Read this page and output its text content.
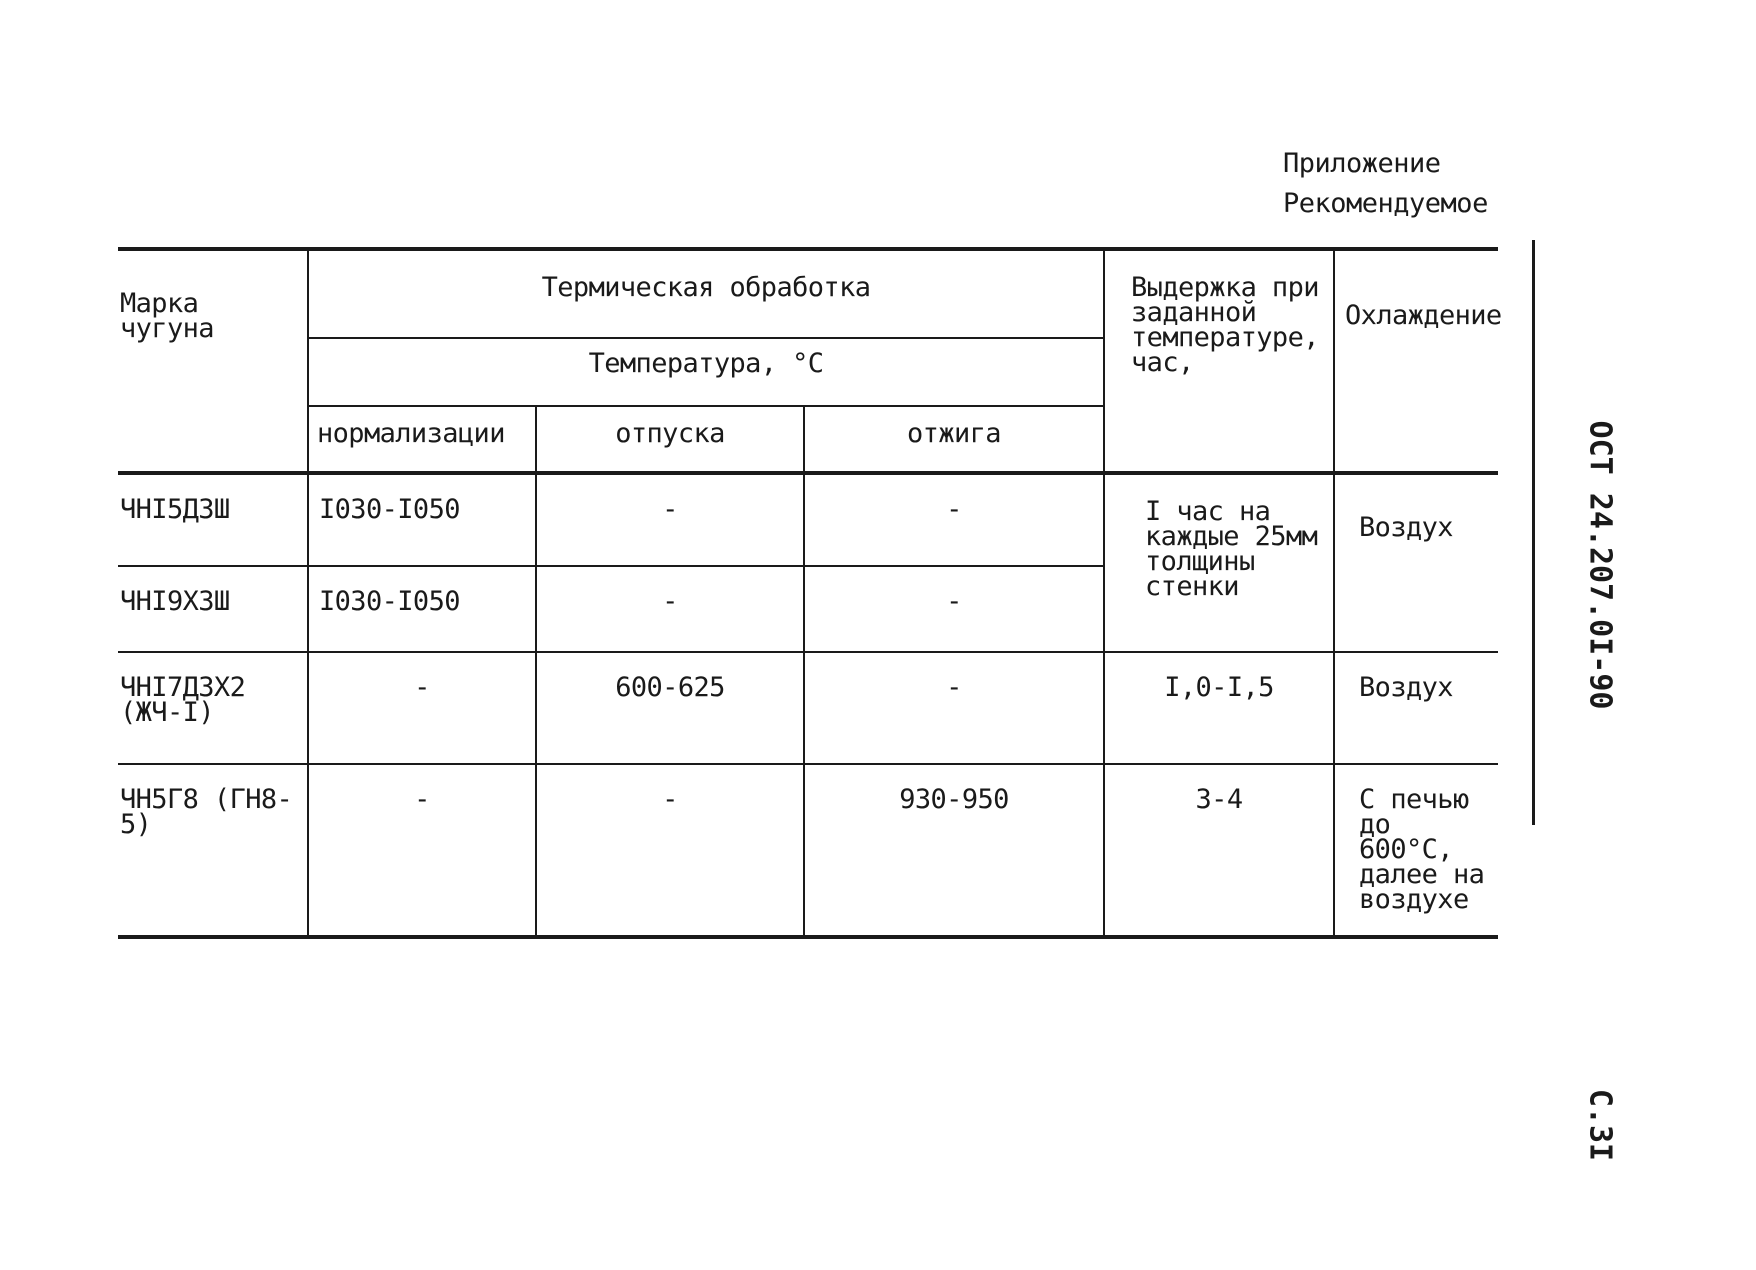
Приложение
Рекомендуемое
Марка чугуна	Термическая обработка			Выдержка при заданной температуре, час,	Охлаждение
	Температура, °C				
	нормализации	отпуска	отжига		
ЧНI5Д3Ш	I030-I050	-	-	I час на каждые 25мм толщины стенки	Воздух
ЧНI9Х3Ш	I030-I050	-	-		
ЧНI7Д3Х2 (ЖЧ-I)	-	600-625	-	I,0-I,5	Воздух
ЧН5Г8 (ГН8-5)	-	-	930-950	3-4	С печью до 600°С, далее на воздухе
ОСТ 24.207.0I-90
С.3I
